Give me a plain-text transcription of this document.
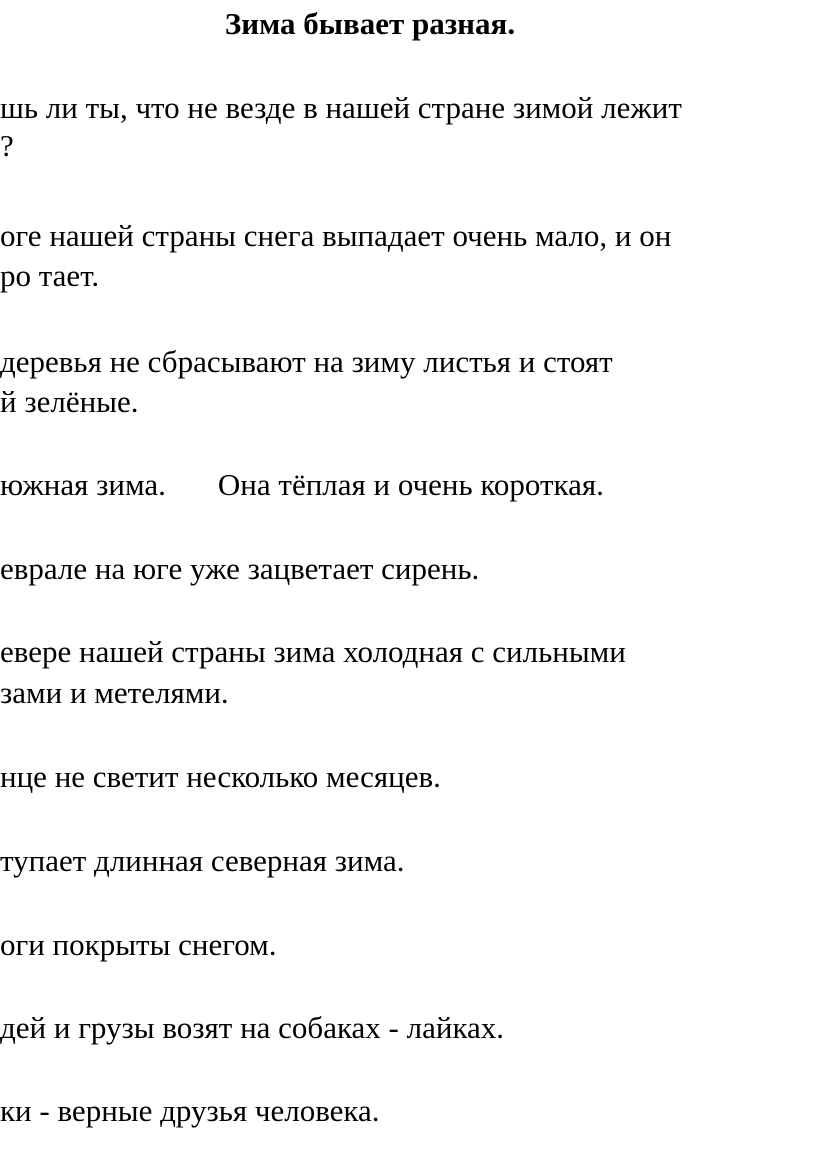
Зима бывает разная.
шь ли ты, что не везде в нашей стране зимой лежит
?
оге нашей страны снега выпадает очень мало, и он
ро тает.
деревья не сбрасывают на зиму листья и стоят
й зелёные.
южная зима. Она тёплая и очень короткая.
еврале на юге уже зацветает сирень.
евере нашей страны зима холодная с сильными
зами и метелями.
нце не светит несколько месяцев.
тупает длинная северная зима.
оги покрыты снегом.
дей и грузы возят на собаках - лайках.
ки - верные друзья человека.
